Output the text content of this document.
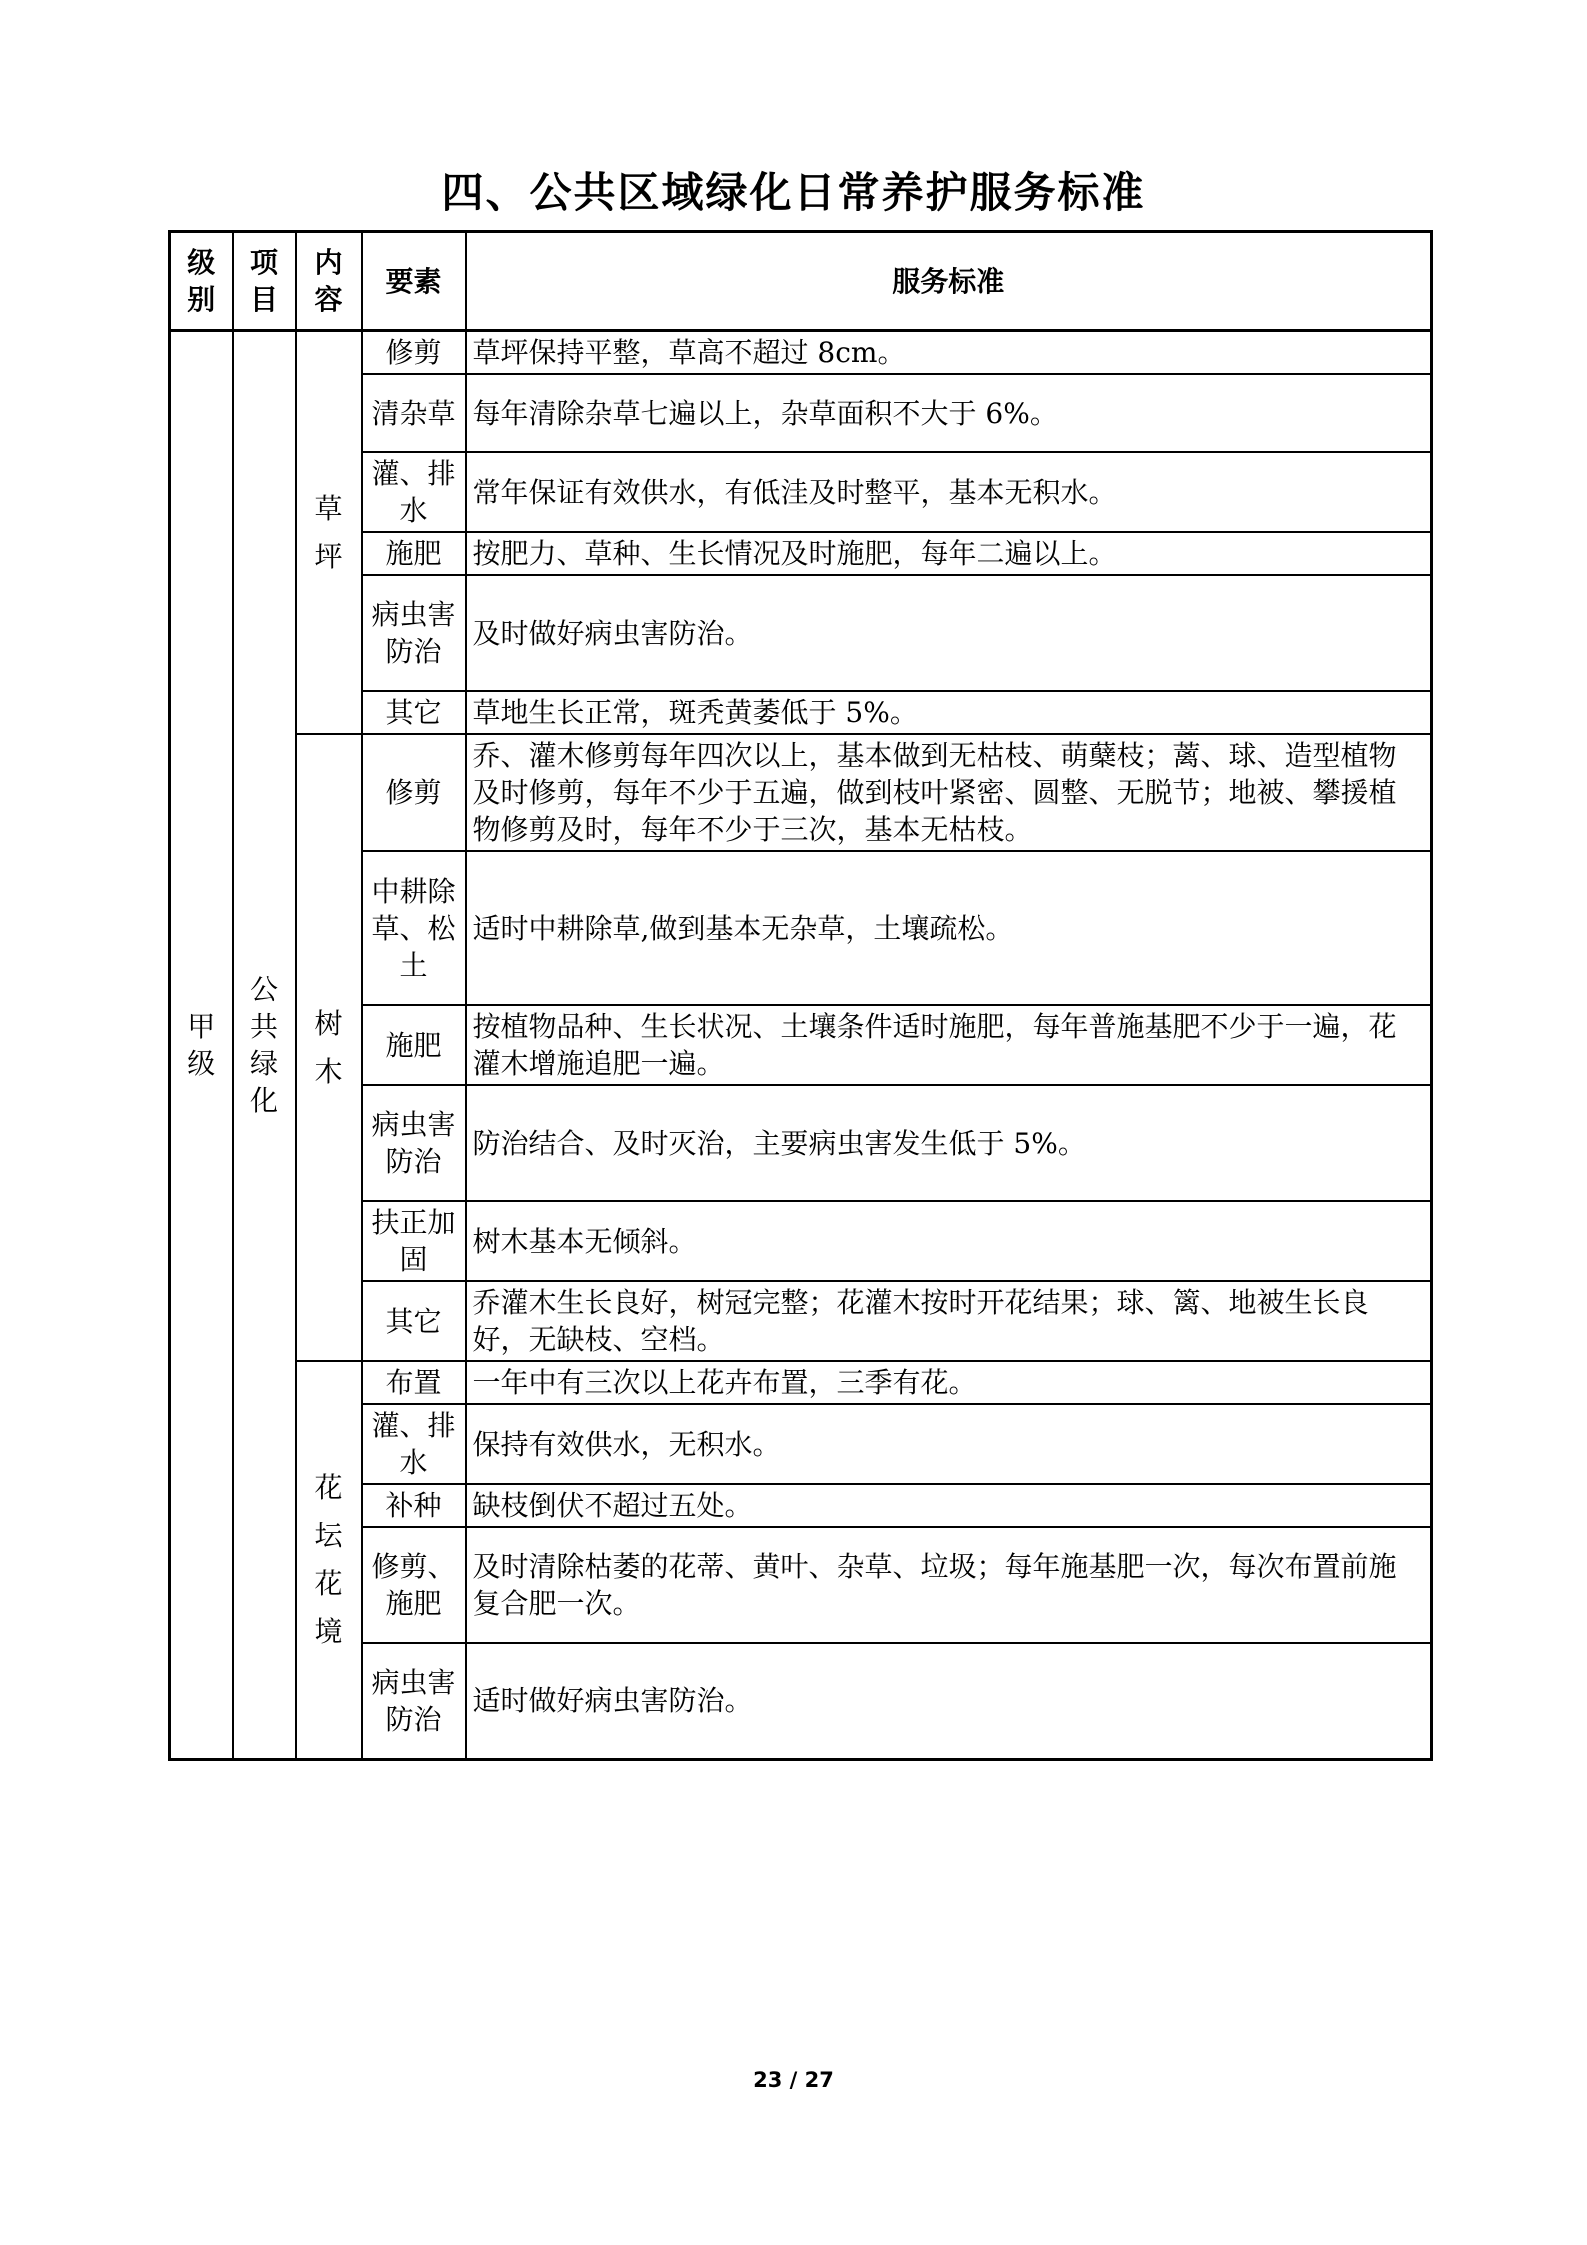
四、公共区域绿化日常养护服务标准
级别	项目	内容	要素	服务标准
甲级	公共绿化	草坪	修剪	草坪保持平整，草高不超过 8cm。
			清杂草	每年清除杂草七遍以上，杂草面积不大于 6%。
			灌、排水	常年保证有效供水，有低洼及时整平，基本无积水。
			施肥	按肥力、草种、生长情况及时施肥，每年二遍以上。
			病虫害防治	及时做好病虫害防治。
			其它	草地生长正常，斑秃黄萎低于 5%。
		树木	修剪	乔、灌木修剪每年四次以上，基本做到无枯枝、萌蘖枝；蓠、球、造型植物及时修剪，每年不少于五遍，做到枝叶紧密、圆整、无脱节；地被、攀援植物修剪及时，每年不少于三次，基本无枯枝。
			中耕除草、松土	适时中耕除草,做到基本无杂草，土壤疏松。
			施肥	按植物品种、生长状况、土壤条件适时施肥，每年普施基肥不少于一遍，花灌木增施追肥一遍。
			病虫害防治	防治结合、及时灭治，主要病虫害发生低于 5%。
			扶正加固	树木基本无倾斜。
			其它	乔灌木生长良好，树冠完整；花灌木按时开花结果；球、篱、地被生长良好，无缺枝、空档。
		花坛花境	布置	一年中有三次以上花卉布置，三季有花。
			灌、排水	保持有效供水，无积水。
			补种	缺枝倒伏不超过五处。
			修剪、施肥	及时清除枯萎的花蒂、黄叶、杂草、垃圾；每年施基肥一次，每次布置前施复合肥一次。
			病虫害防治	适时做好病虫害防治。
23 / 27
